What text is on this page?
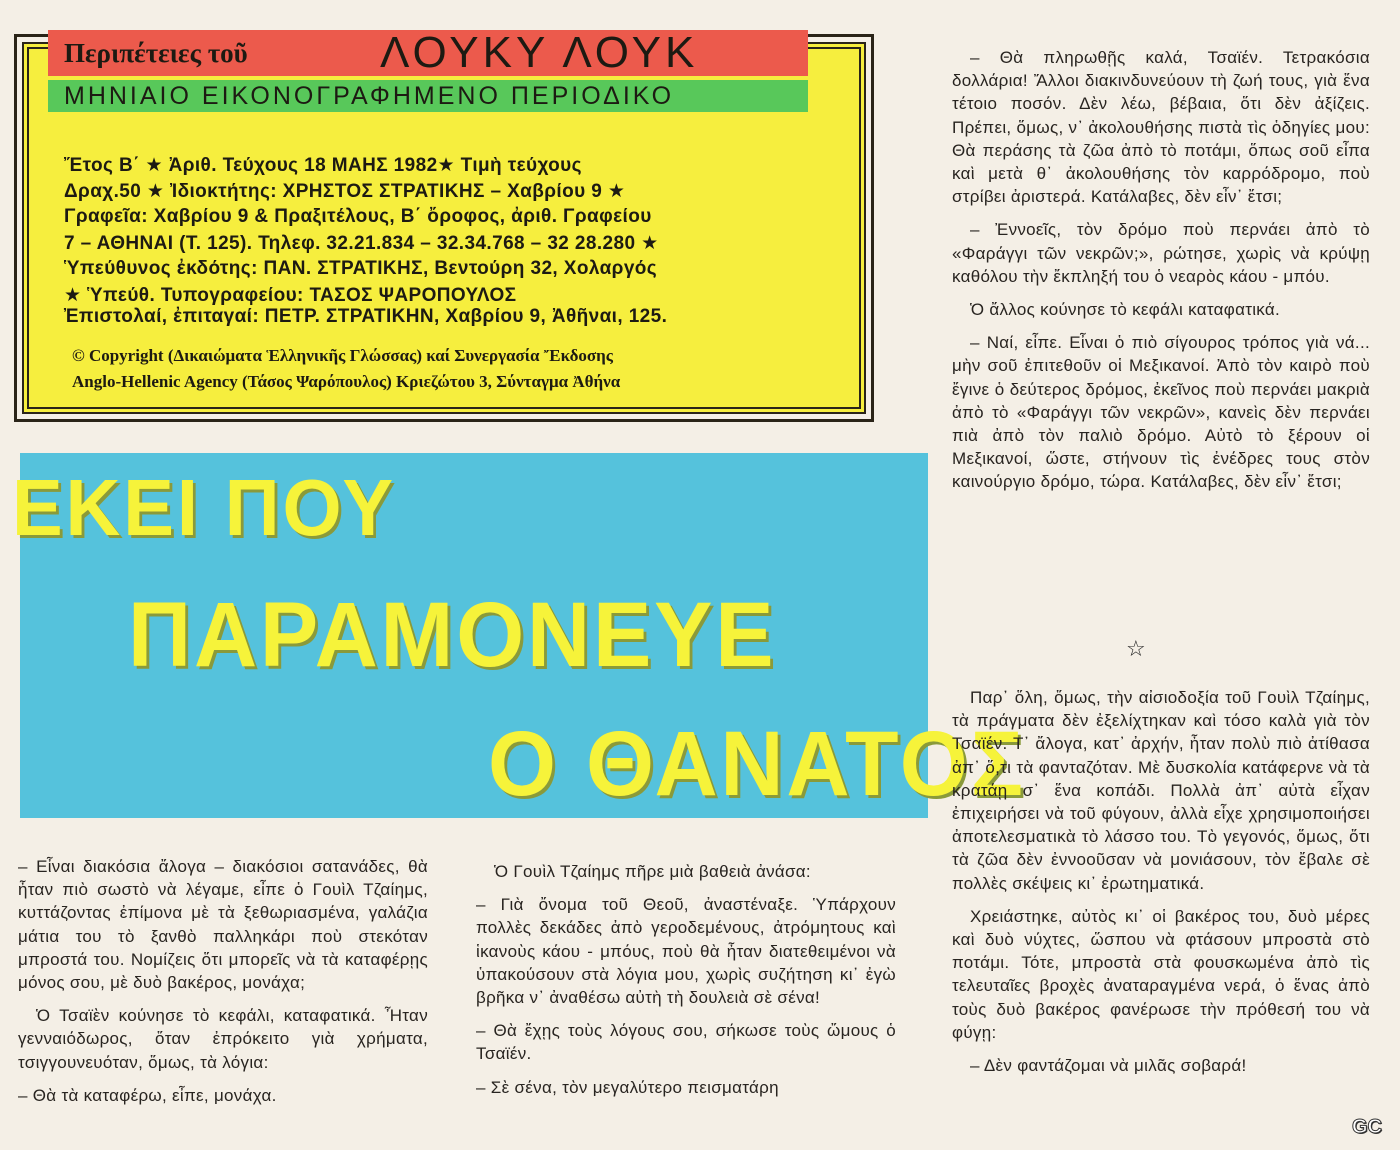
Περιπέτειες τοῦ	ΛΟΥΚΥ ΛΟΥΚ
ΜΗΝΙΑΙΟ ΕΙΚΟΝΟΓΡΑΦΗΜΕΝΟ ΠΕΡΙΟΔΙΚΟ
Ἔτος Β΄ ★ Ἀριθ. Τεύχους 18 ΜΑΗΣ 1982★ Τιμὴ τεύχους
Δραχ.50 ★ Ἰδιοκτήτης: ΧΡΗΣΤΟΣ ΣΤΡΑΤΙΚΗΣ – Χαβρίου 9 ★
Γραφεῖα: Χαβρίου 9 & Πραξιτέλους, Β΄ ὄροφος, ἀριθ. Γραφείου
7 – ΑΘΗΝΑΙ (Τ. 125). Τηλεφ. 32.21.834 – 32.34.768 – 32 28.280 ★
Ὑπεύθυνος ἐκδότης: ΠΑΝ. ΣΤΡΑΤΙΚΗΣ, Βεντούρη 32, Χολαργός
★ Ὑπεύθ. Τυπογραφείου: ΤΑΣΟΣ ΨΑΡΟΠΟΥΛΟΣ
Ἐπιστολαί, ἐπιταγαί: ΠΕΤΡ. ΣΤΡΑΤΙΚΗΝ, Χαβρίου 9, Ἀθῆναι, 125.
© Copyright (Δικαιώματα Ἑλληνικῆς Γλώσσας) καί Συνεργασία Ἔκδοσης
Anglo-Hellenic Agency (Τάσος Ψαρόπουλος) Κριεζώτου 3, Σύνταγμα Ἀθήνα
ΕΚΕΙ ΠΟΥ
ΠΑΡΑΜΟΝΕΥΕ
Ο ΘΑΝΑΤΟΣ

– Εἶναι διακόσια ἄλογα – διακόσιοι σατανάδες, θὰ ἦταν πιὸ σωστὸ νὰ λέγαμε, εἶπε ὁ Γουὶλ Τζαίημς, κυττάζοντας ἐπίμονα μὲ τὰ ξεθωριασμένα, γαλάζια μάτια του τὸ ξανθὸ παλληκάρι ποὺ στεκόταν μπροστά του. Νομίζεις ὅτι μπορεῖς νὰ τὰ καταφέρῃς μόνος σου, μὲ δυὸ βακέρος, μονάχα;

Ὁ Τσαϊὲν κούνησε τὸ κεφάλι, καταφατικά. Ἦταν γενναιόδωρος, ὅταν ἐπρόκειτο γιὰ χρήματα, τσιγγουνευόταν, ὅμως, τὰ λόγια:

– Θὰ τὰ καταφέρω, εἶπε, μονάχα.

Ὁ Γουὶλ Τζαίημς πῆρε μιὰ βαθειὰ ἀνάσα:

– Γιὰ ὄνομα τοῦ Θεοῦ, ἀναστέναξε. Ὑπάρχουν πολλὲς δεκάδες ἀπὸ γεροδεμένους, ἀτρόμητους καὶ ἱκανοὺς κάου - μπόυς, ποὺ θὰ ἦταν διατεθειμένοι νὰ ὑπακούσουν στὰ λόγια μου, χωρὶς συζήτηση κι᾽ ἐγὼ βρῆκα ν᾽ ἀναθέσω αὐτὴ τὴ δουλειὰ σὲ σένα!

– Θὰ ἔχῃς τοὺς λόγους σου, σήκωσε τοὺς ὤμους ὁ Τσαϊέν.

– Σὲ σένα, τὸν μεγαλύτερο πεισματάρη

– Θὰ πληρωθῇς καλά, Τσαϊέν. Τετρακόσια δολλάρια! Ἄλλοι διακινδυνεύουν τὴ ζωή τους, γιὰ ἕνα τέτοιο ποσόν. Δὲν λέω, βέβαια, ὅτι δὲν ἀξίζεις. Πρέπει, ὅμως, ν᾽ ἀκολουθήσης πιστὰ τὶς ὁδηγίες μου: Θὰ περάσης τὰ ζῶα ἀπὸ τὸ ποτάμι, ὅπως σοῦ εἶπα καὶ μετὰ θ᾽ ἀκολουθήσης τὸν καρρόδρομο, ποὺ στρίβει ἀριστερά. Κατάλαβες, δὲν εἶν᾽ ἔτσι;

– Ἐννοεῖς, τὸν δρόμο ποὺ περνάει ἀπὸ τὸ «Φαράγγι τῶν νεκρῶν;», ρώτησε, χωρὶς νὰ κρύψῃ καθόλου τὴν ἔκπληξή του ὁ νεαρὸς κάου - μπόυ.

Ὁ ἄλλος κούνησε τὸ κεφάλι καταφατικά.

– Ναί, εἶπε. Εἶναι ὁ πιὸ σίγουρος τρόπος γιὰ νά... μὴν σοῦ ἐπιτεθοῦν οἱ Μεξικανοί. Ἀπὸ τὸν καιρὸ ποὺ ἔγινε ὁ δεύτερος δρόμος, ἐκεῖνος ποὺ περνάει μακριὰ ἀπὸ τὸ «Φαράγγι τῶν νεκρῶν», κανεὶς δὲν περνάει πιὰ ἀπὸ τὸν παλιὸ δρόμο. Αὐτὸ τὸ ξέρουν οἱ Μεξικανοί, ὥστε, στήνουν τὶς ἐνέδρες τους στὸν καινούργιο δρόμο, τώρα. Κατάλαβες, δὲν εἶν᾽ ἔτσι;

☆

Παρ᾽ ὅλη, ὅμως, τὴν αἰσιοδοξία τοῦ Γουὶλ Τζαίημς, τὰ πράγματα δὲν ἐξελίχτηκαν καὶ τόσο καλὰ γιὰ τὸν Τσαϊέν. Τ᾽ ἄλογα, κατ᾽ ἀρχήν, ἦταν πολὺ πιὸ ἀτίθασα ἀπ᾽ ὅ,τι τὰ φανταζόταν. Μὲ δυσκολία κατάφερνε νὰ τὰ κρατάῃ σ᾽ ἕνα κοπάδι. Πολλὰ ἀπ᾽ αὐτὰ εἶχαν ἐπιχειρήσει νὰ τοῦ φύγουν, ἀλλὰ εἶχε χρησιμοποιήσει ἀποτελεσματικὰ τὸ λάσσο του. Τὸ γεγονός, ὅμως, ὅτι τὰ ζῶα δὲν ἐννοοῦσαν νὰ μονιάσουν, τὸν ἔβαλε σὲ πολλὲς σκέψεις κι᾽ ἐρωτηματικά.

Χρειάστηκε, αὐτὸς κι᾽ οἱ βακέρος του, δυὸ μέρες καὶ δυὸ νύχτες, ὥσπου νὰ φτάσουν μπροστὰ στὸ ποτάμι. Τότε, μπροστὰ στὰ φουσκωμένα ἀπὸ τὶς τελευταῖες βροχὲς ἀναταραγμένα νερά, ὁ ἕνας ἀπὸ τοὺς δυὸ βακέρος φανέρωσε τὴν πρόθεσή του νὰ φύγῃ:

– Δὲν φαντάζομαι νὰ μιλᾶς σοβαρά!

GC
